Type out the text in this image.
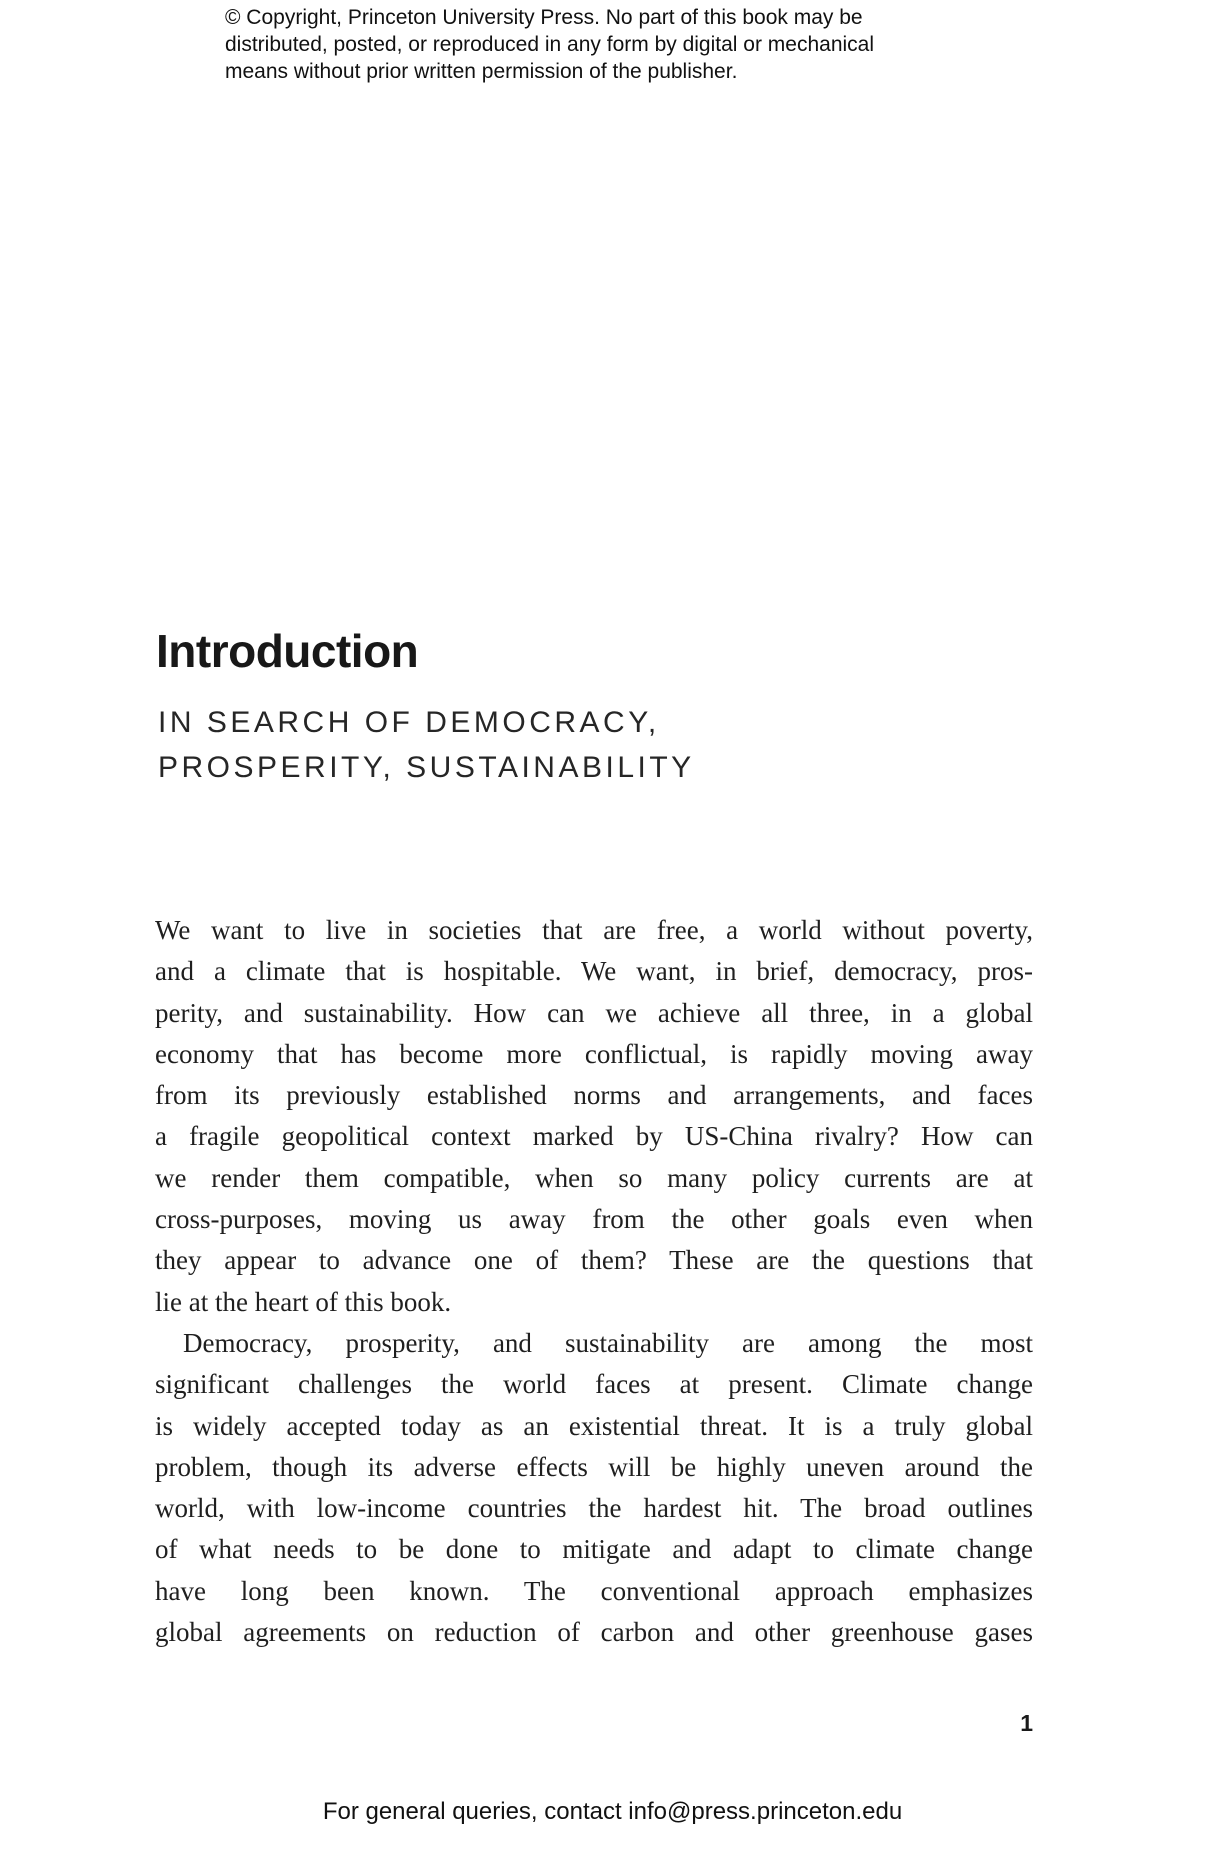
© Copyright, Princeton University Press. No part of this book may be
distributed, posted, or reproduced in any form by digital or mechanical
means without prior written permission of the publisher.
Introduction
IN SEARCH OF DEMOCRACY,
PROSPERITY, SUSTAINABILITY
We want to live in societies that are free, a world without poverty,
and a climate that is hospitable. We want, in brief, democracy, pros-
perity, and sustainability. How can we achieve all three, in a global
economy that has become more conflictual, is rapidly moving away
from its previously established norms and arrangements, and faces
a fragile geopolitical context marked by US-China rivalry? How can
we render them compatible, when so many policy currents are at
cross-purposes, moving us away from the other goals even when
they appear to advance one of them? These are the questions that
lie at the heart of this book.
Democracy, prosperity, and sustainability are among the most
significant challenges the world faces at present. Climate change
is widely accepted today as an existential threat. It is a truly global
problem, though its adverse effects will be highly uneven around the
world, with low-income countries the hardest hit. The broad outlines
of what needs to be done to mitigate and adapt to climate change
have long been known. The conventional approach emphasizes
global agreements on reduction of carbon and other greenhouse gases
1
For general queries, contact info@press.princeton.edu
